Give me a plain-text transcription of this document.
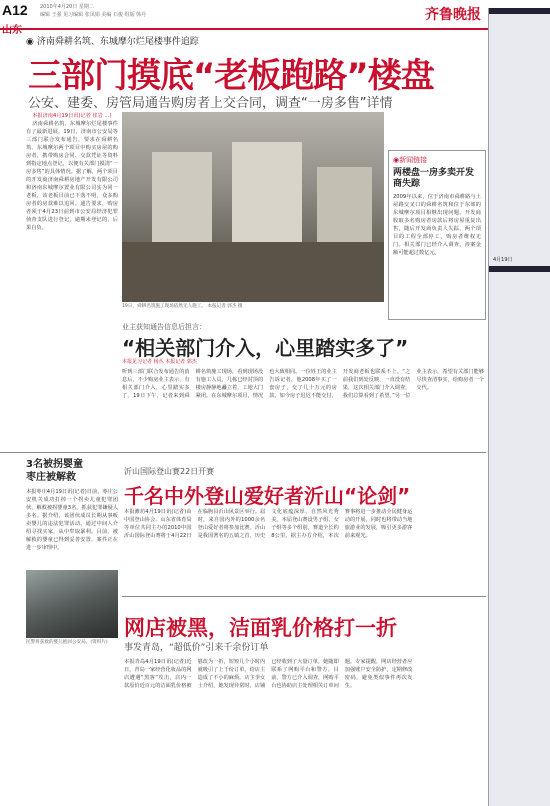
A12 2010年4月20日 星期二
编辑 王强 见习编辑 张凤娟 美编 石俊 组版 韩丹	齐鲁晚报
山东
4月19日
◉ 济南舜耕名筑、东城摩尔烂尾楼事件追踪
三部门摸底“老板跑路”楼盘
公安、建委、房管局通告购房者上交合同，调查“一房多售”详情

本报济南4月19日讯(记者 崔岩 ...)

济南舜耕名筑、东城摩尔烂尾楼事件有了最新进展。19日，济南市公安局等三部门联合发布通告，要求在舜耕名筑、东城摩尔两个项目中购买房屋的购房者，携带购房合同、交款凭证等资料到指定地点登记，以便有关部门摸清“一房多售”的具体情况。据了解，两个项目的开发商济南舜耕房地产开发有限公司和济南东城摩尔置业有限公司实为同一老板，该老板目前已下落不明，众多购房者的房款难以追回。通告要求，购房者须于4月23日前到市公安局经济犯罪侦查支队进行登记，逾期未登记的，后果自负。

19日，舜耕名筑施工现场依然无人施工。 本报记者 郭杰 摄
◉新闻链接
两楼盘一房多卖开发商失踪
2009年以来，位于济南市舜耕路与土屋路交叉口的舜耕名筑和位于东郊的东城摩尔项目相继出现问题，开发商收取多名购房者房款后将房屋重复出售，随后开发商负责人失踪，两个项目的工程全部停工，购房者维权无门。相关部门已经介入调查，涉案金额可能超过数亿元。
业主获知通告信息后担言：
“相关部门介入，心里踏实多了”
本报见习记者 杨丛 本报记者 郭杰
听到三部门联合发布通告的消息后，不少购房业主表示，有相关部门介入，心里踏实多了。19日下午，记者来到舜耕名筑施工现场，看到现场没有施工人员，几栋已经封顶的楼房静静地矗立着，工地大门紧闭。在东城摩尔项目，情况也大致相同。一位姓王的业主告诉记者，他2008年买了一套房子，交了几十万元的房款，如今房子迟迟不能交付，开发商老板也联系不上。“之前我们到处反映，一直没有结果，这次相关部门介入调查，我们总算看到了希望。”另一位业主表示，希望有关部门能够尽快查清事实，给购房者一个交代。
3名被拐婴童
枣庄被解救
本报枣庄4月19日讯(记者)日前，枣庄公安机关成功打掉一个拐卖儿童犯罪团伙，解救被拐婴童3名，抓获犯罪嫌疑人多名。据介绍，该团伙成员长期从事贩卖婴儿的违法犯罪活动，通过中间人介绍寻找买家，从中牟取暴利。目前，被解救的婴童已得到妥善安置，案件正在进一步审理中。
民警将获救的婴儿抱回公安局。(资料片)
沂山国际登山赛22日开赛
千名中外登山爱好者沂山“论剑”
本报潍坊4月19日讯(记者)由中国登山协会、山东省体育局等单位共同主办的2010中国沂山国际登山赛将于4月22日在临朐县沂山风景区举行。届时，来自国内外的1000余名登山爱好者将参加比赛。沂山是我国著名的五镇之首，历史文化底蕴深厚，自然风光秀美。本届登山赛设男子组、女子组等多个组别，赛道全长约8公里。据主办方介绍，本次赛事将进一步推动全民健身运动的开展，同时也将带动当地旅游业的发展，吸引更多游客前来观光。
网店被黑，洁面乳价格打一折
事发青岛，“超低价”引来千余份订单
本报青岛4月19日讯(记者)近日，青岛一家经营化妆品的网店遭遇“黑客”攻击，店内一款原价近百元的洁面乳价格被篡改为一折，短短几个小时内就吸引了上千份订单，给店主造成了不小的麻烦。店主李女士介绍，她发现异常时，店铺已经收到了大量订单，她随即联系了网购平台和警方。目前，警方已介入调查，网购平台也协助店主处理相关订单问题。专家提醒，网店经营者应加强账户安全防护，定期修改密码，避免类似事件再次发生。
